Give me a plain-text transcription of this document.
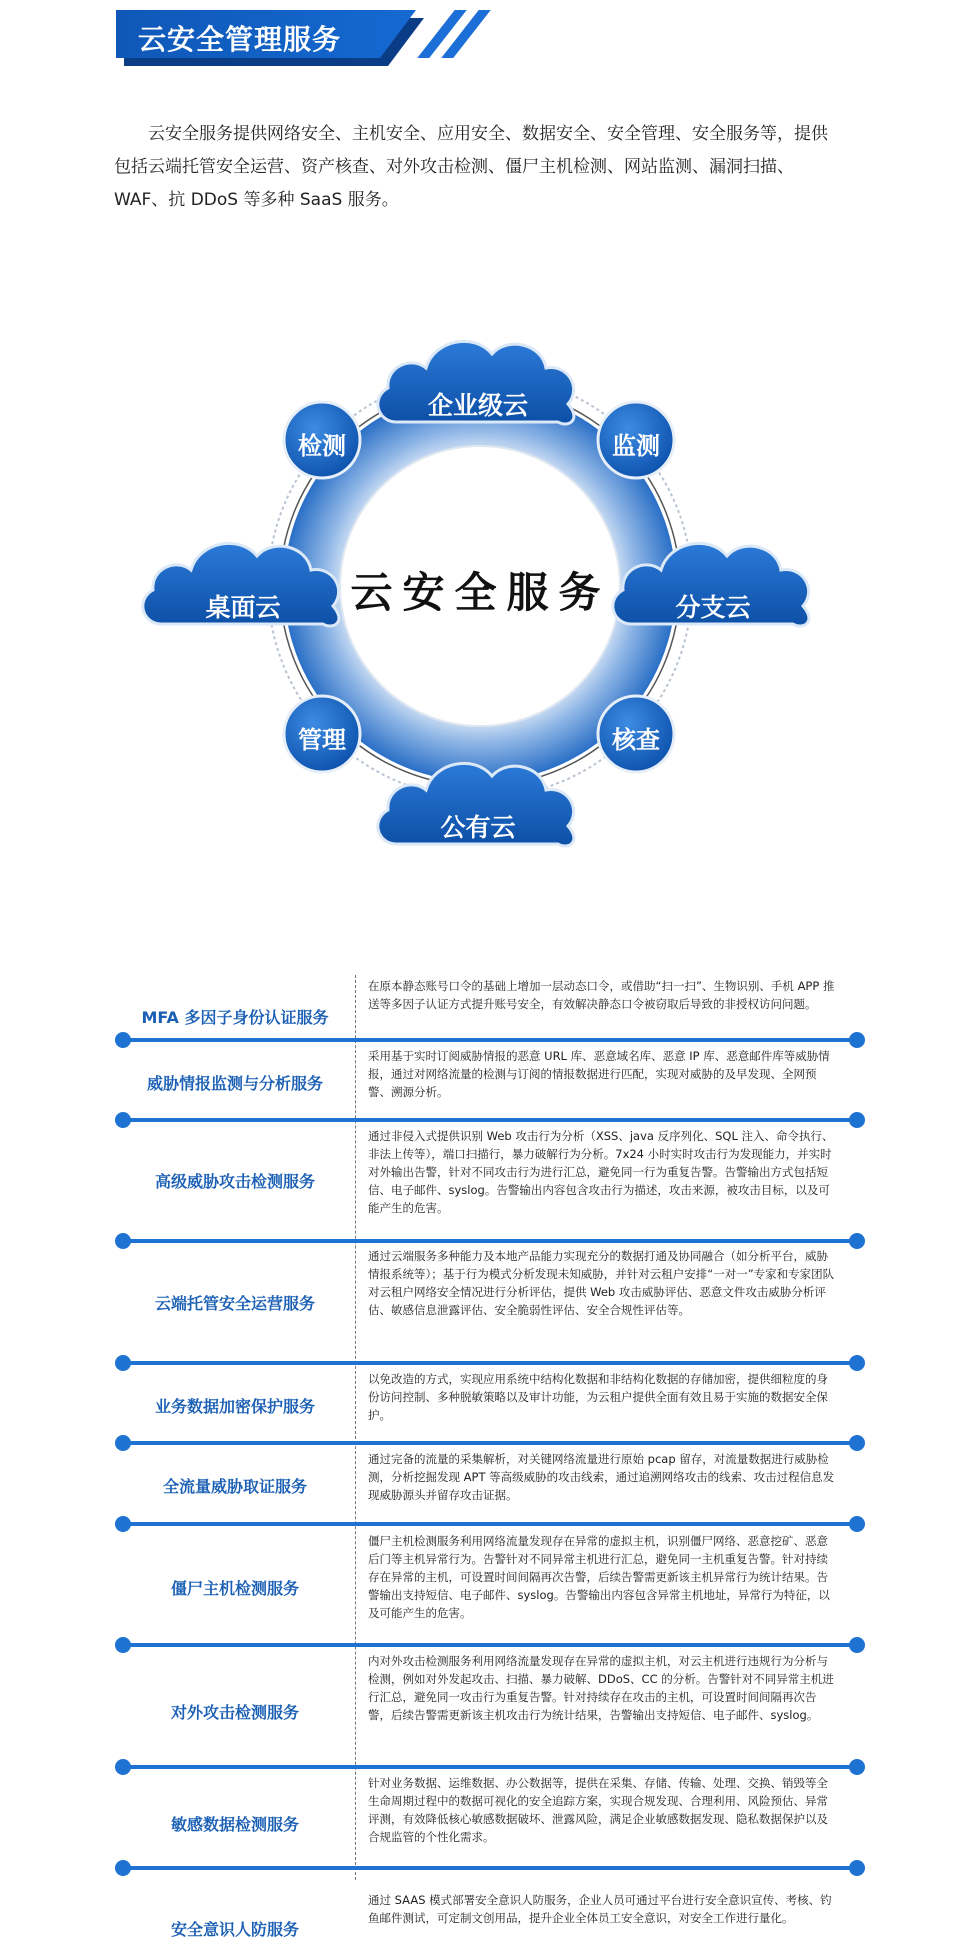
云安全管理服务
云安全服务提供网络安全、主机安全、应用安全、数据安全、安全管理、安全服务等，提供包括云端托管安全运营、资产核查、对外攻击检测、僵尸主机检测、网站监测、漏洞扫描、WAF、抗 DDoS 等多种 SaaS 服务。
云安全服务
企业级云
分支云
公有云
桌面云
监测
核查
管理
检测
MFA 多因子身份认证服务
在原本静态账号口令的基础上增加一层动态口令，或借助“扫一扫”、生物识别、手机 APP 推送等多因子认证方式提升账号安全，有效解决静态口令被窃取后导致的非授权访问问题。
威胁情报监测与分析服务
采用基于实时订阅威胁情报的恶意 URL 库、恶意域名库、恶意 IP 库、恶意邮件库等威胁情报，通过对网络流量的检测与订阅的情报数据进行匹配，实现对威胁的及早发现、全网预警、溯源分析。
高级威胁攻击检测服务
通过非侵入式提供识别 Web 攻击行为分析（XSS、java 反序列化、SQL 注入、命令执行、非法上传等），端口扫描行，暴力破解行为分析。7x24 小时实时攻击行为发现能力，并实时对外输出告警，针对不同攻击行为进行汇总，避免同一行为重复告警。告警输出方式包括短信、电子邮件、syslog。告警输出内容包含攻击行为描述，攻击来源，被攻击目标，以及可能产生的危害。
云端托管安全运营服务
通过云端服务多种能力及本地产品能力实现充分的数据打通及协同融合（如分析平台，威胁情报系统等）；基于行为模式分析发现未知威胁，并针对云租户安排“一对一”专家和专家团队对云租户网络安全情况进行分析评估，提供 Web 攻击威胁评估、恶意文件攻击威胁分析评估、敏感信息泄露评估、安全脆弱性评估、安全合规性评估等。
业务数据加密保护服务
以免改造的方式，实现应用系统中结构化数据和非结构化数据的存储加密，提供细粒度的身份访问控制、多种脱敏策略以及审计功能，为云租户提供全面有效且易于实施的数据安全保护。
全流量威胁取证服务
通过完备的流量的采集解析，对关键网络流量进行原始 pcap 留存，对流量数据进行威胁检测，分析挖掘发现 APT 等高级威胁的攻击线索，通过追溯网络攻击的线索、攻击过程信息发现威胁源头并留存攻击证据。
僵尸主机检测服务
僵尸主机检测服务利用网络流量发现存在异常的虚拟主机，识别僵尸网络、恶意挖矿、恶意后门等主机异常行为。告警针对不同异常主机进行汇总，避免同一主机重复告警。针对持续存在异常的主机，可设置时间间隔再次告警，后续告警需更新该主机异常行为统计结果。告警输出支持短信、电子邮件、syslog。告警输出内容包含异常主机地址，异常行为特征，以及可能产生的危害。
对外攻击检测服务
内对外攻击检测服务利用网络流量发现存在异常的虚拟主机，对云主机进行违规行为分析与检测，例如对外发起攻击、扫描、暴力破解、DDoS、CC 的分析。告警针对不同异常主机进行汇总，避免同一攻击行为重复告警。针对持续存在攻击的主机，可设置时间间隔再次告警，后续告警需更新该主机攻击行为统计结果，告警输出支持短信、电子邮件、syslog。
敏感数据检测服务
针对业务数据、运维数据、办公数据等，提供在采集、存储、传输、处理、交换、销毁等全生命周期过程中的数据可视化的安全追踪方案，实现合规发现、合理利用、风险预估、异常评测，有效降低核心敏感数据破坏、泄露风险，满足企业敏感数据发现、隐私数据保护以及合规监管的个性化需求。
安全意识人防服务
通过 SAAS 模式部署安全意识人防服务，企业人员可通过平台进行安全意识宣传、考核、钓鱼邮件测试，可定制文创用品，提升企业全体员工安全意识，对安全工作进行量化。
